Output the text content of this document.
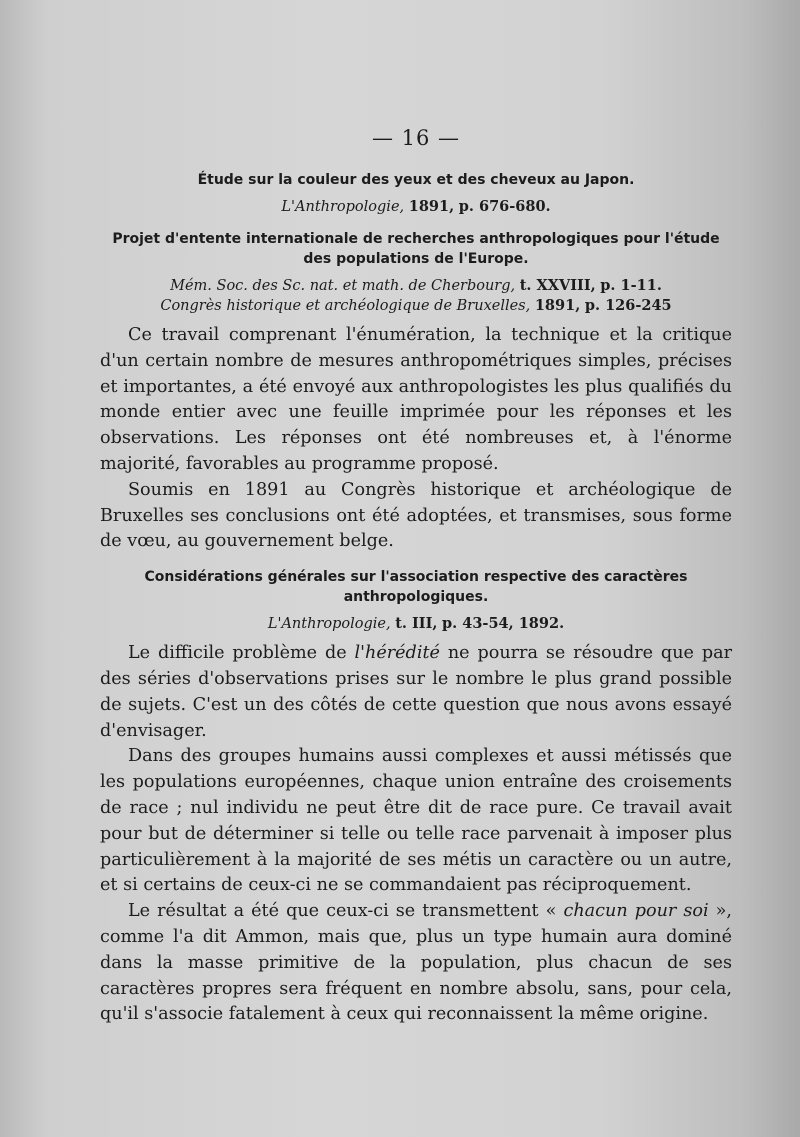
— 16 —
Étude sur la couleur des yeux et des cheveux au Japon.
L'Anthropologie, 1891, p. 676-680.
Projet d'entente internationale de recherches anthropologiques pour l'étude
des populations de l'Europe.
Mém. Soc. des Sc. nat. et math. de Cherbourg, t. XXVIII, p. 1-11.
Congrès historique et archéologique de Bruxelles, 1891, p. 126-245

Ce travail comprenant l'énumération, la technique et la critique d'un certain nombre de mesures anthropométriques simples, précises et importantes, a été envoyé aux anthropologistes les plus qualifiés du monde entier avec une feuille imprimée pour les réponses et les observations. Les réponses ont été nombreuses et, à l'énorme majorité, favorables au programme proposé.

Soumis en 1891 au Congrès historique et archéologique de Bruxelles ses conclusions ont été adoptées, et transmises, sous forme de vœu, au gouvernement belge.

Considérations générales sur l'association respective des caractères
anthropologiques.
L'Anthropologie, t. III, p. 43-54, 1892.

Le difficile problème de l'hérédité ne pourra se résoudre que par des séries d'observations prises sur le nombre le plus grand possible de sujets. C'est un des côtés de cette question que nous avons essayé d'envisager.

Dans des groupes humains aussi complexes et aussi métissés que les populations européennes, chaque union entraîne des croisements de race ; nul individu ne peut être dit de race pure. Ce travail avait pour but de déterminer si telle ou telle race parvenait à imposer plus particulièrement à la majorité de ses métis un caractère ou un autre, et si certains de ceux-ci ne se commandaient pas réciproquement.

Le résultat a été que ceux-ci se transmettent « chacun pour soi », comme l'a dit Ammon, mais que, plus un type humain aura dominé dans la masse primitive de la population, plus chacun de ses caractères propres sera fréquent en nombre absolu, sans, pour cela, qu'il s'associe fatalement à ceux qui reconnaissent la même origine.
